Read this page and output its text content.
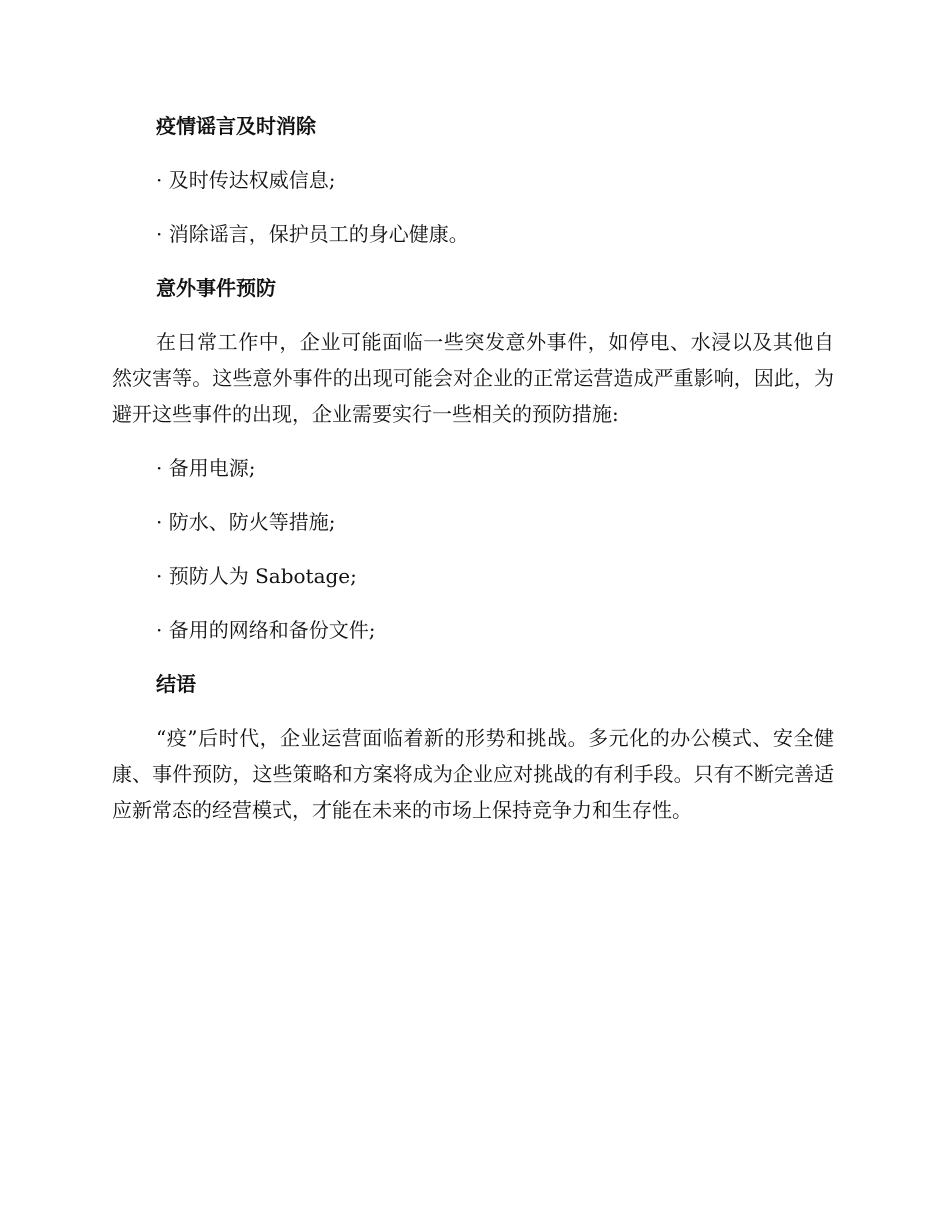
疫情谣言及时消除
· 及时传达权威信息;
· 消除谣言，保护员工的身心健康。
意外事件预防
在日常工作中，企业可能面临一些突发意外事件，如停电、水浸以及其他自然灾害等。这些意外事件的出现可能会对企业的正常运营造成严重影响，因此，为避开这些事件的出现，企业需要实行一些相关的预防措施:
· 备用电源;
· 防水、防火等措施;
· 预防人为 Sabotage;
· 备用的网络和备份文件;
结语
“疫”后时代，企业运营面临着新的形势和挑战。多元化的办公模式、安全健康、事件预防，这些策略和方案将成为企业应对挑战的有利手段。只有不断完善适应新常态的经营模式，才能在未来的市场上保持竞争力和生存性。
